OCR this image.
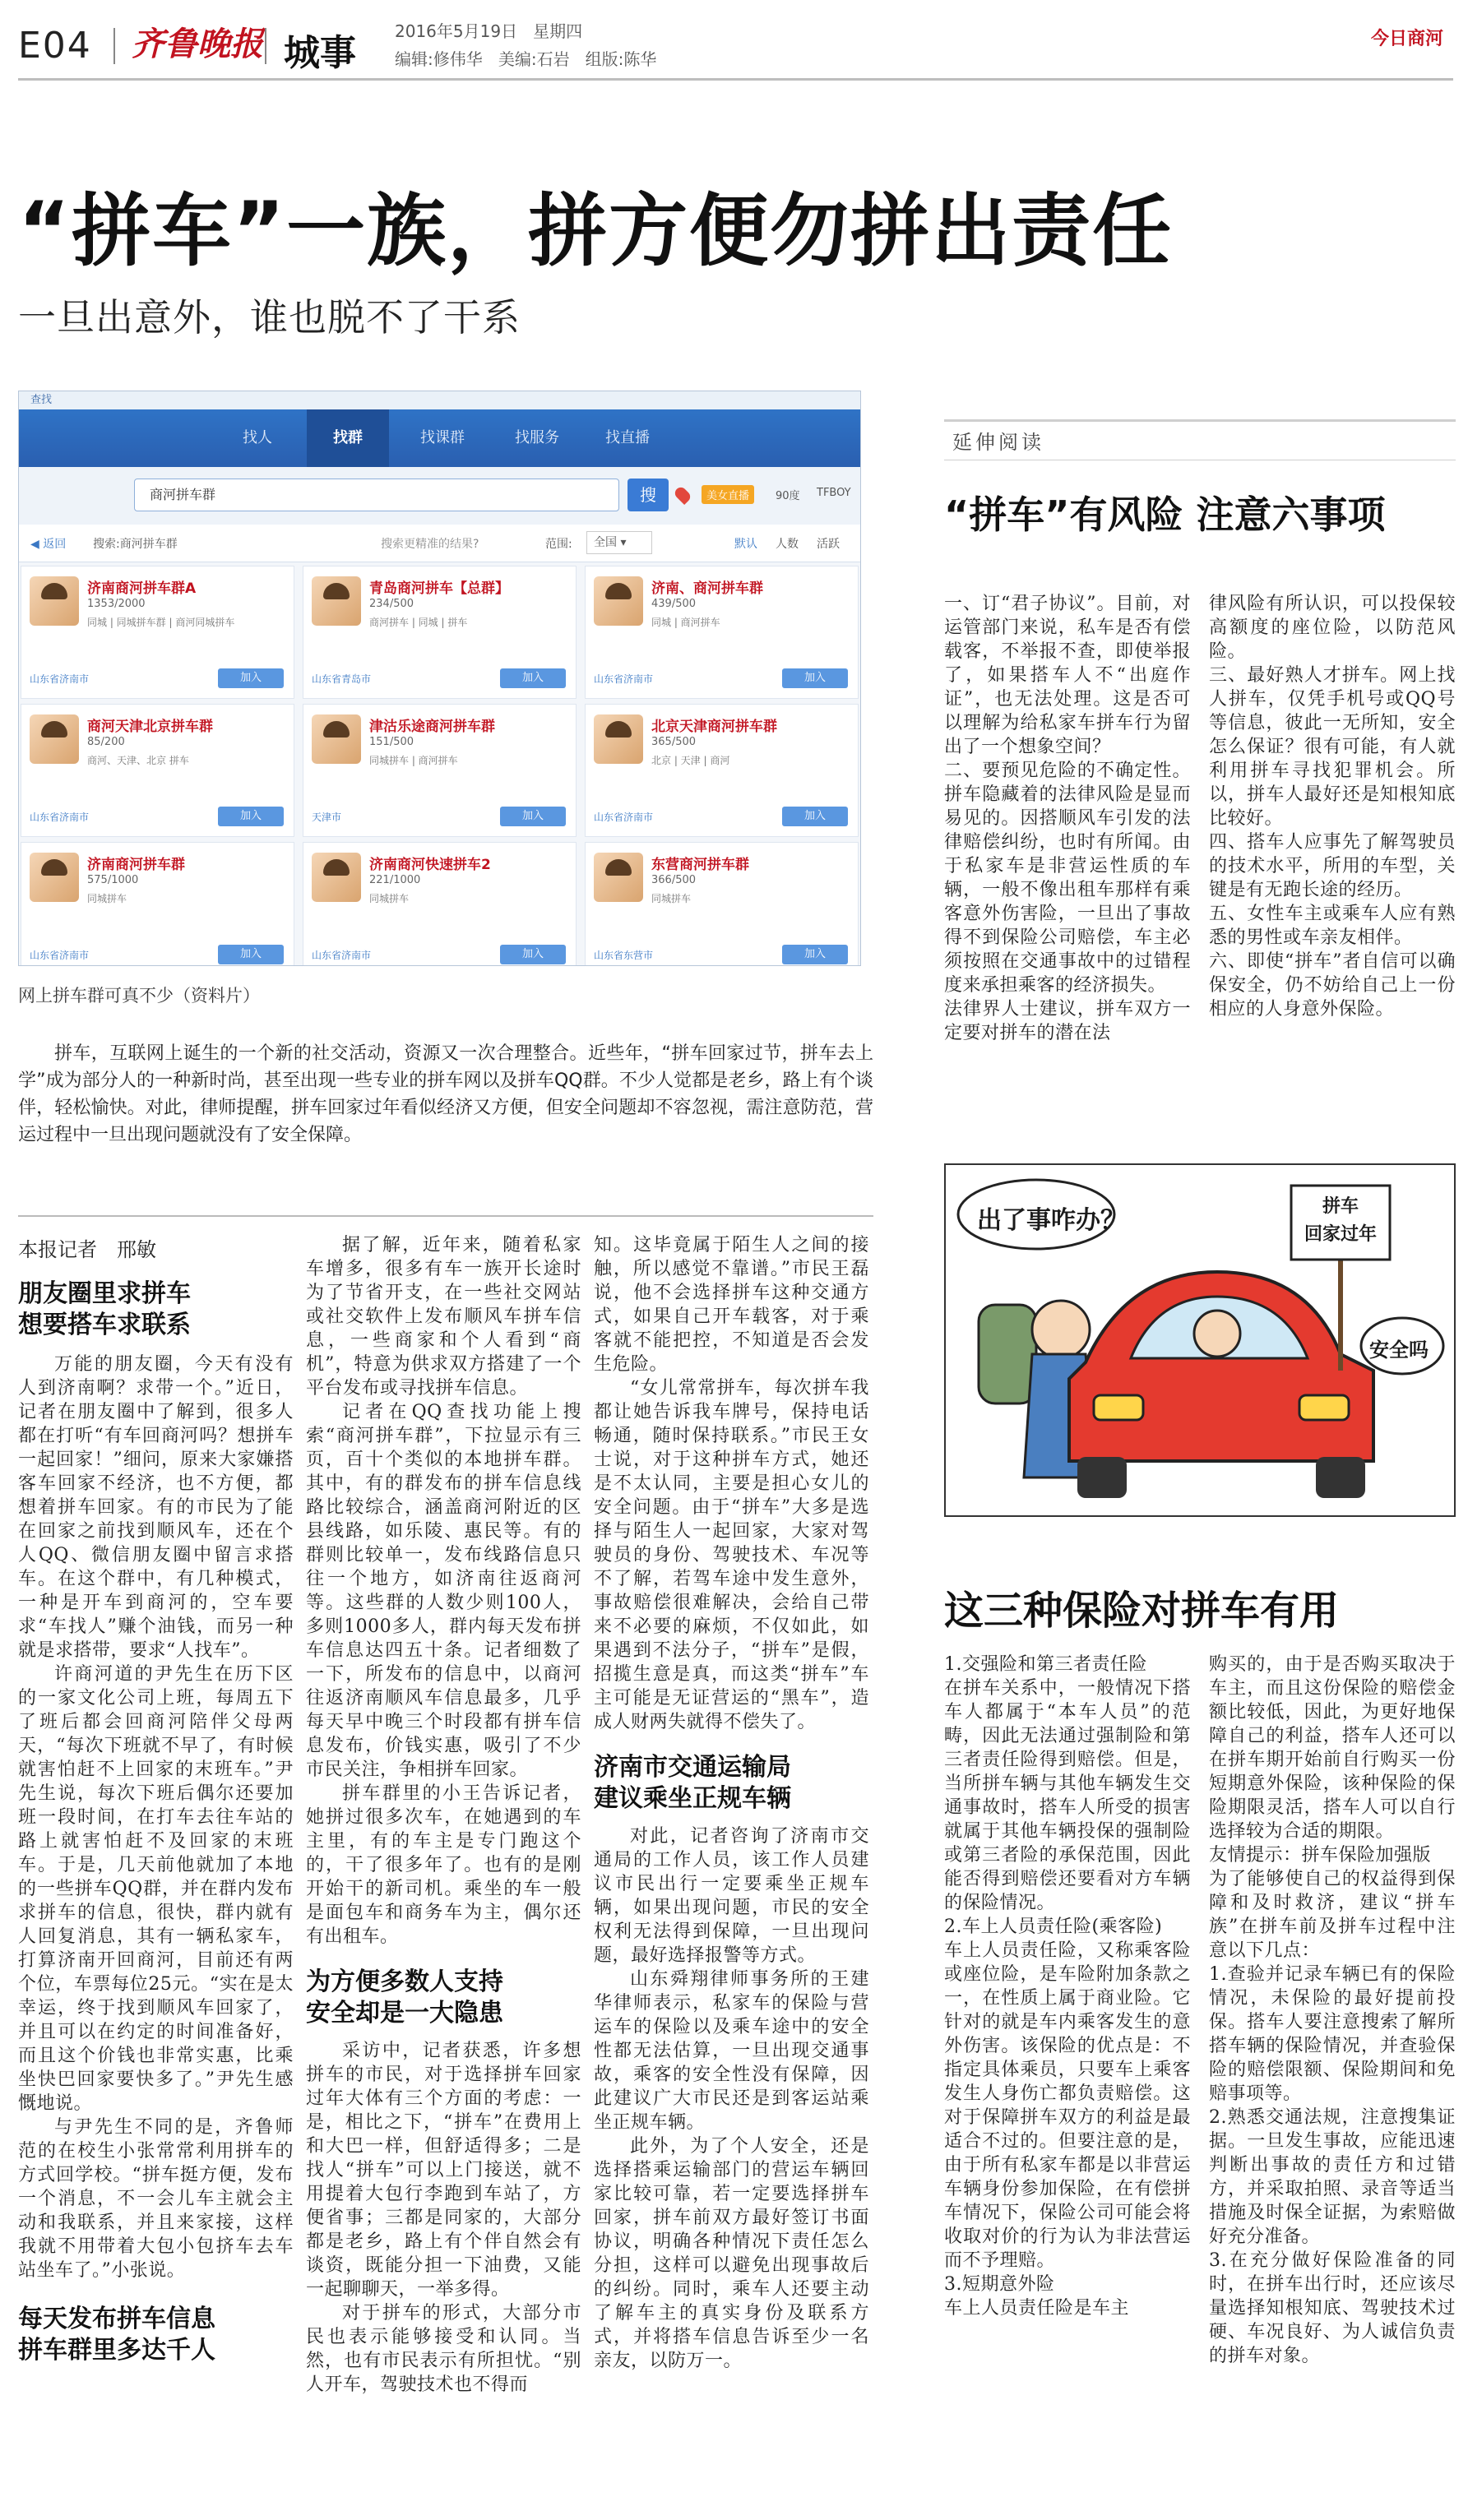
E04 齐鲁晚报 城事
2016年5月19日 星期四
编辑:修伟华 美编:石岩 组版:陈华
今日商河
“拼车”一族，拼方便勿拼出责任
一旦出意外，谁也脱不了干系
查找
找人	找群	找课群	找服务	找直播
商河拼车群	搜	美女直播	90度 TFBOY
◀ 返回 搜索:商河拼车群	搜索更精准的结果?	范围:	全国 ▾	默认 人数 活跃
济南商河拼车群A
1353/2000
同城 | 同城拼车群 | 商河同城拼车
山东省济南市	加入
青岛商河拼车【总群】
234/500
商河拼车 | 同城 | 拼车
山东省青岛市	加入
济南、商河拼车群
439/500
同城 | 商河拼车
山东省济南市	加入
商河天津北京拼车群
85/200
商河、天津、北京 拼车
山东省济南市	加入
津沽乐途商河拼车群
151/500
同城拼车 | 商河拼车
天津市	加入
北京天津商河拼车群
365/500
北京 | 天津 | 商河
山东省济南市	加入
济南商河拼车群
575/1000
同城拼车
山东省济南市	加入
济南商河快速拼车2
221/1000
同城拼车
山东省济南市	加入
东营商河拼车群
366/500
同城拼车
山东省东营市	加入
网上拼车群可真不少（资料片）

拼车，互联网上诞生的一个新的社交活动，资源又一次合理整合。近些年，“拼车回家过节，拼车去上学”成为部分人的一种新时尚，甚至出现一些专业的拼车网以及拼车QQ群。不少人觉都是老乡，路上有个谈伴，轻松愉快。对此，律师提醒，拼车回家过年看似经济又方便，但安全问题却不容忽视，需注意防范，营运过程中一旦出现问题就没有了安全保障。

本报记者　邢敏
朋友圈里求拼车
想要搭车求联系

万能的朋友圈，今天有没有人到济南啊？求带一个。”近日，记者在朋友圈中了解到，很多人都在打听“有车回商河吗？想拼车一起回家！”细问，原来大家嫌搭客车回家不经济，也不方便，都想着拼车回家。有的市民为了能在回家之前找到顺风车，还在个人QQ、微信朋友圈中留言求搭车。在这个群中，有几种模式，一种是开车到商河的，空车要求“车找人”赚个油钱，而另一种就是求搭带，要求“人找车”。

许商河道的尹先生在历下区的一家文化公司上班，每周五下了班后都会回商河陪伴父母两天，“每次下班就不早了，有时候就害怕赶不上回家的末班车。”尹先生说，每次下班后偶尔还要加班一段时间，在打车去往车站的路上就害怕赶不及回家的末班车。于是，几天前他就加了本地的一些拼车QQ群，并在群内发布求拼车的信息，很快，群内就有人回复消息，其有一辆私家车，打算济南开回商河，目前还有两个位，车票每位25元。“实在是太幸运，终于找到顺风车回家了，并且可以在约定的时间准备好，而且这个价钱也非常实惠，比乘坐快巴回家要快多了。”尹先生感慨地说。

与尹先生不同的是，齐鲁师范的在校生小张常常利用拼车的方式回学校。“拼车挺方便，发布一个消息，不一会儿车主就会主动和我联系，并且来家接，这样我就不用带着大包小包挤车去车站坐车了。”小张说。

每天发布拼车信息
拼车群里多达千人

据了解，近年来，随着私家车增多，很多有车一族开长途时为了节省开支，在一些社交网站或社交软件上发布顺风车拼车信息，一些商家和个人看到“商机”，特意为供求双方搭建了一个平台发布或寻找拼车信息。

记者在QQ查找功能上搜索“商河拼车群”，下拉显示有三页，百十个类似的本地拼车群。其中，有的群发布的拼车信息线路比较综合，涵盖商河附近的区县线路，如乐陵、惠民等。有的群则比较单一，发布线路信息只往一个地方，如济南往返商河等。这些群的人数少则100人，多则1000多人，群内每天发布拼车信息达四五十条。记者细数了一下，所发布的信息中，以商河往返济南顺风车信息最多，几乎每天早中晚三个时段都有拼车信息发布，价钱实惠，吸引了不少市民关注，争相拼车回家。

拼车群里的小王告诉记者，她拼过很多次车，在她遇到的车主里，有的车主是专门跑这个的，干了很多年了。也有的是刚开始干的新司机。乘坐的车一般是面包车和商务车为主，偶尔还有出租车。

为方便多数人支持
安全却是一大隐患

采访中，记者获悉，许多想拼车的市民，对于选择拼车回家过年大体有三个方面的考虑：一是，相比之下，“拼车”在费用上和大巴一样，但舒适得多；二是找人“拼车”可以上门接送，就不用提着大包行李跑到车站了，方便省事；三都是同家的，大部分都是老乡，路上有个伴自然会有谈资，既能分担一下油费，又能一起聊聊天，一举多得。

对于拼车的形式，大部分市民也表示能够接受和认同。当然，也有市民表示有所担忧。“别人开车，驾驶技术也不得而

知。这毕竟属于陌生人之间的接触，所以感觉不靠谱。”市民王磊说，他不会选择拼车这种交通方式，如果自己开车载客，对于乘客就不能把控，不知道是否会发生危险。

“女儿常常拼车，每次拼车我都让她告诉我车牌号，保持电话畅通，随时保持联系。”市民王女士说，对于这种拼车方式，她还是不太认同，主要是担心女儿的安全问题。由于“拼车”大多是选择与陌生人一起回家，大家对驾驶员的身份、驾驶技术、车况等不了解，若驾车途中发生意外，事故赔偿很难解决，会给自己带来不必要的麻烦，不仅如此，如果遇到不法分子，“拼车”是假，招揽生意是真，而这类“拼车”车主可能是无证营运的“黑车”，造成人财两失就得不偿失了。

济南市交通运输局
建议乘坐正规车辆

对此，记者咨询了济南市交通局的工作人员，该工作人员建议市民出行一定要乘坐正规车辆，如果出现问题，市民的安全权利无法得到保障，一旦出现问题，最好选择报警等方式。

山东舜翔律师事务所的王建华律师表示，私家车的保险与营运车的保险以及乘车途中的安全性都无法估算，一旦出现交通事故，乘客的安全性没有保障，因此建议广大市民还是到客运站乘坐正规车辆。

此外，为了个人安全，还是选择搭乘运输部门的营运车辆回家比较可靠，若一定要选择拼车回家，拼车前双方最好签订书面协议，明确各种情况下责任怎么分担，这样可以避免出现事故后的纠纷。同时，乘车人还要主动了解车主的真实身份及联系方式，并将搭车信息告诉至少一名亲友，以防万一。

延伸阅读
“拼车”有风险 注意六事项
一、订“君子协议”。目前，对运管部门来说，私车是否有偿载客，不举报不查，即使举报了，如果搭车人不“出庭作证”，也无法处理。这是否可以理解为给私家车拼车行为留出了一个想象空间？
二、要预见危险的不确定性。拼车隐藏着的法律风险是显而易见的。因搭顺风车引发的法律赔偿纠纷，也时有所闻。由于私家车是非营运性质的车辆，一般不像出租车那样有乘客意外伤害险，一旦出了事故得不到保险公司赔偿，车主必须按照在交通事故中的过错程度来承担乘客的经济损失。
法律界人士建议，拼车双方一定要对拼车的潜在法
律风险有所认识，可以投保较高额度的座位险，以防范风险。
三、最好熟人才拼车。网上找人拼车，仅凭手机号或QQ号等信息，彼此一无所知，安全怎么保证？很有可能，有人就利用拼车寻找犯罪机会。所以，拼车人最好还是知根知底比较好。
四、搭车人应事先了解驾驶员的技术水平，所用的车型，关键是有无跑长途的经历。
五、女性车主或乘车人应有熟悉的男性或车亲友相伴。
六、即使“拼车”者自信可以确保安全，仍不妨给自己上一份相应的人身意外保险。
出了事咋办？	拼车
回家过年
安全吗
这三种保险对拼车有用
1.交强险和第三者责任险
在拼车关系中，一般情况下搭车人都属于“本车人员”的范畴，因此无法通过强制险和第三者责任险得到赔偿。但是，当所拼车辆与其他车辆发生交通事故时，搭车人所受的损害就属于其他车辆投保的强制险或第三者险的承保范围，因此能否得到赔偿还要看对方车辆的保险情况。
2.车上人员责任险(乘客险)
车上人员责任险，又称乘客险或座位险，是车险附加条款之一，在性质上属于商业险。它针对的就是车内乘客发生的意外伤害。该保险的优点是：不指定具体乘员，只要车上乘客发生人身伤亡都负责赔偿。这对于保障拼车双方的利益是最适合不过的。但要注意的是，由于所有私家车都是以非营运车辆身份参加保险，在有偿拼车情况下，保险公司可能会将收取对价的行为认为非法营运而不予理赔。
3.短期意外险
车上人员责任险是车主
购买的，由于是否购买取决于车主，而且这份保险的赔偿金额比较低，因此，为更好地保障自己的利益，搭车人还可以在拼车期开始前自行购买一份短期意外保险，该种保险的保险期限灵活，搭车人可以自行选择较为合适的期限。
友情提示：拼车保险加强版
为了能够使自己的权益得到保障和及时救济，建议“拼车族”在拼车前及拼车过程中注意以下几点：
1.查验并记录车辆已有的保险情况，未保险的最好提前投保。搭车人要注意搜索了解所搭车辆的保险情况，并查验保险的赔偿限额、保险期间和免赔事项等。
2.熟悉交通法规，注意搜集证据。一旦发生事故，应能迅速判断出事故的责任方和过错方，并采取拍照、录音等适当措施及时保全证据，为索赔做好充分准备。
3.在充分做好保险准备的同时，在拼车出行时，还应该尽量选择知根知底、驾驶技术过硬、车况良好、为人诚信负责的拼车对象。
